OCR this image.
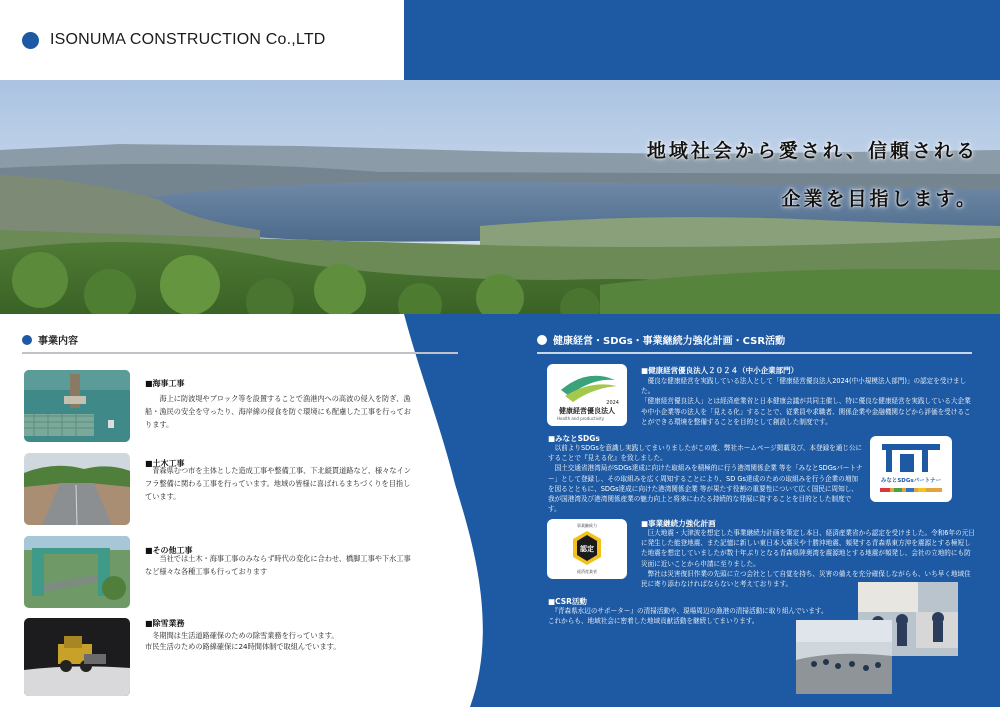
ISONUMA CONSTRUCTION Co.,LTD
地域社会から愛され、信頼される
企業を目指します。
事業内容
■海事工事
　　海上に防波堤やブロック等を設置することで漁港内への高波の侵入を防ぎ、漁船・漁民の安全を守ったり、海岸線の侵食を防ぐ環境にも配慮した工事を行っております。
■土木工事
　青森県むつ市を主体とした造成工事や整備工事、下北縦貫道路など、様々なインフラ整備に関わる工事を行っています。地域の皆様に喜ばれるまちづくりを目指しています。
■その他工事
　　当社では土木・海事工事のみならず時代の変化に合わせ、橋脚工事や下水工事など様々な各種工事も行っております
■除雪業務
　冬期間は生活道路確保のための除雪業務を行っています。
市民生活のための路線確保に24時間体制で取組んでいます。
健康経営・SDGs・事業継続力強化計画・CSR活動
2024
健康経営優良法人
Health and productivity
■健康経営優良法人２０２４（中小企業部門）
　優良な健康経営を実践している法人として「健康経営優良法人2024(中小規模法人部門)」の認定を受けました。
「健康経営優良法人」とは経済産業省と日本健康会議が共同主催し、特に優良な健康経営を実践している大企業や中小企業等の法人を「見える化」することで、従業員や求職者、関係企業や金融機関などから評価を受けることができる環境を整備することを目的として創設した制度です。
■みなとSDGs
　以前よりSDGsを意識し実践してまいりましたがこの度、弊社ホームページ掲載及び、本登録を通じ公にすることで『見える化』を致しました。
　国土交通省港湾局がSDGs達成に向けた取組みを積極的に行う港湾関係企業 等を「みなとSDGsパートナー」として登録し、その取組みを広く周知することにより、SD Gs達成のための取組みを行う企業の増加を図るとともに、SDGs達成に向けた港湾関係企業 等が果たす役割の重要性について広く国民に周知し、我が国港湾及び港湾関係産業の魅力向上と将来にわたる持続的な発展に資することを目的とした制度です。
みなとSDGsパートナー
事業継続力
認定
経済産業省
■事業継続力強化計画
　巨大地震・大津波を想定した事業継続力計画を策定し本日、経済産業省から認定を受けました。令和6年の元日に発生した能登地震、また記憶に新しい東日本大震災や十勝沖地震、頻発する青森県東方沖を震源とする極短した地震を想定していましたが数十年ぶりとなる青森県陸奥湾を震源地とする地震が頻発し、会社の立地的にも防災面に近いことから申請に至りました。
　弊社は災害復旧作業の先頭に立つ会社として自覚を持ち、災害の備えを充分確保しながらも、いち早く地域住民に寄り添わなければならないと考えております。
■CSR活動
　『青森県水辺のサポーター』の清掃活動や、現場周辺の漁港の清掃活動に取り組んでいます。
これからも、地域社会に密着した地域貢献活動を継続してまいります。
